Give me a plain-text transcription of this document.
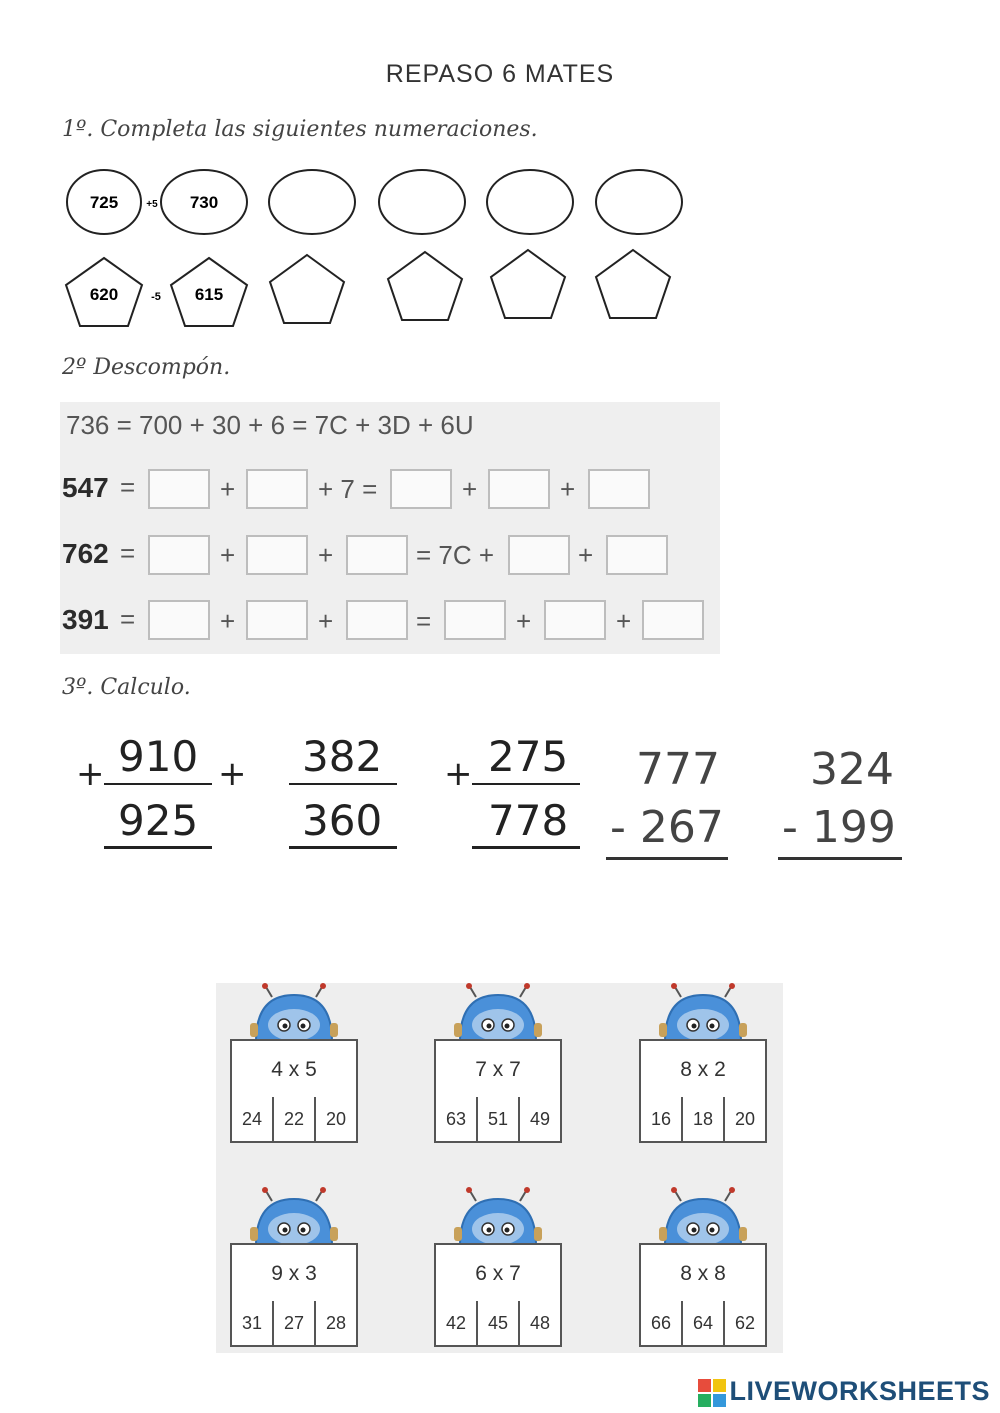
REPASO 6 MATES
1º. Completa las siguientes numeraciones.
2º Descompón.
3º. Calculo.
725	730
+5
620	615
-5
736 = 700 + 30 + 6 = 7C + 3D + 6U
547 =	+	+ 7 =	+	+
762 =	+	+	= 7C +	+
391 =	+	+	=	+	+
+ 910
925
+ 382
360
+ 275
778
777
- 267
324
- 199
4 x 5
24	22	20
7 x 7
63	51	49
8 x 2
16	18	20
9 x 3
31	27	28
6 x 7
42	45	48
8 x 8
66	64	62
LIVEWORKSHEETS
